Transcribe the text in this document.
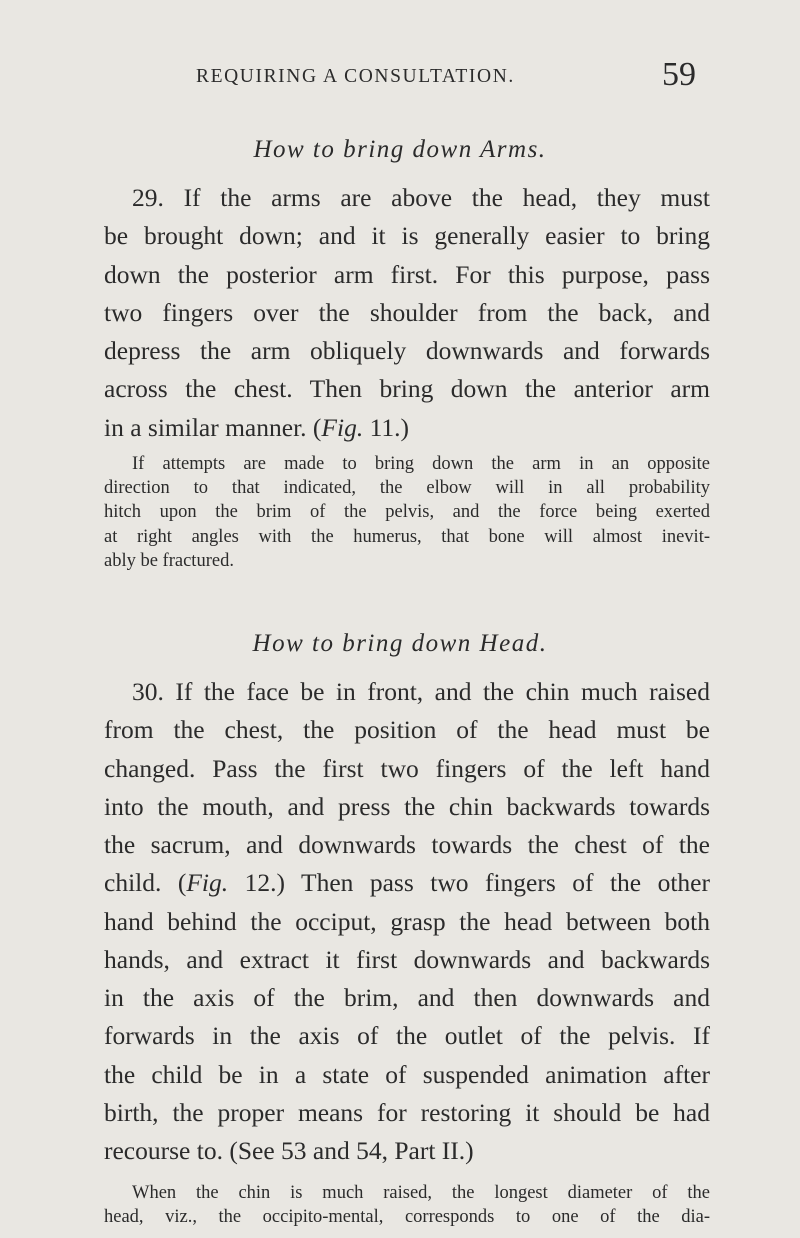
REQUIRING A CONSULTATION.	59
How to bring down Arms.

29. If the arms are above the head, they must
be brought down; and it is generally easier to bring
down the posterior arm first. For this purpose, pass
two fingers over the shoulder from the back, and
depress the arm obliquely downwards and forwards
across the chest. Then bring down the anterior arm
in a similar manner. (Fig. 11.)

If attempts are made to bring down the arm in an opposite
direction to that indicated, the elbow will in all probability
hitch upon the brim of the pelvis, and the force being exerted
at right angles with the humerus, that bone will almost inevit-
ably be fractured.

How to bring down Head.

30. If the face be in front, and the chin much raised
from the chest, the position of the head must be
changed. Pass the first two fingers of the left hand
into the mouth, and press the chin backwards towards
the sacrum, and downwards towards the chest of the
child. (Fig. 12.) Then pass two fingers of the other
hand behind the occiput, grasp the head between both
hands, and extract it first downwards and backwards
in the axis of the brim, and then downwards and
forwards in the axis of the outlet of the pelvis. If
the child be in a state of suspended animation after
birth, the proper means for restoring it should be had
recourse to. (See 53 and 54, Part II.)

When the chin is much raised, the longest diameter of the
head, viz., the occipito-mental, corresponds to one of the dia-
